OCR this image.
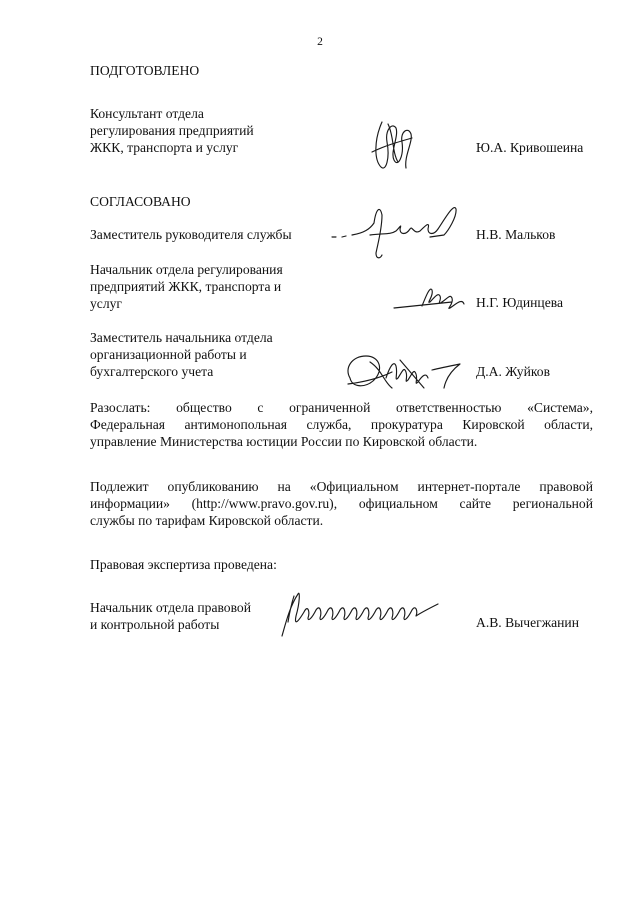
2
ПОДГОТОВЛЕНО
Консультант отдела
регулирования предприятий
ЖКК, транспорта и услуг	Ю.А. Кривошеина
СОГЛАСОВАНО
Заместитель руководителя службы	Н.В. Мальков
Начальник отдела регулирования
предприятий ЖКК, транспорта и
услуг	Н.Г. Юдинцева
Заместитель начальника отдела
организационной работы и
бухгалтерского учета	Д.А. Жуйков
Разослать: общество с ограниченной ответственностью «Система»,
Федеральная антимонопольная служба, прокуратура Кировской области,
управление Министерства юстиции России по Кировской области.
Подлежит опубликованию на «Официальном интернет-портале правовой
информации» (http://www.pravo.gov.ru), официальном сайте региональной
службы по тарифам Кировской области.
Правовая экспертиза проведена:
Начальник отдела правовой
и контрольной работы	А.В. Вычегжанин
